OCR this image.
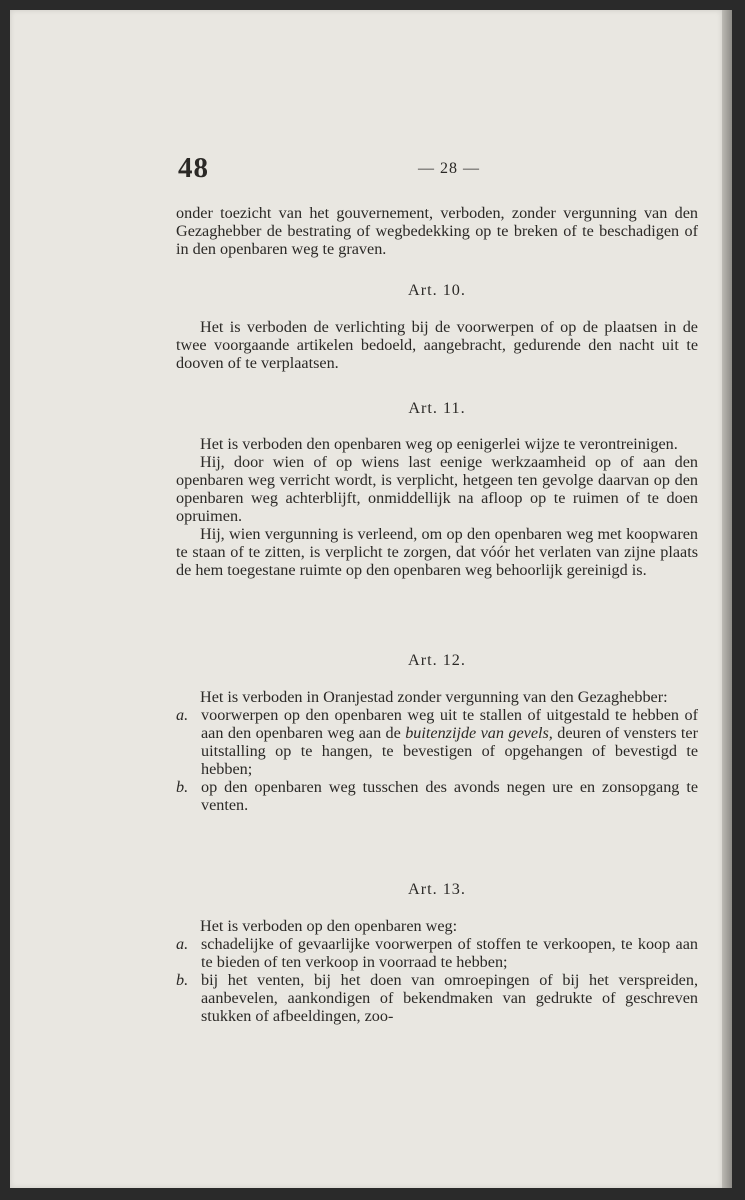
48	— 28 —

onder toezicht van het gouvernement, verboden, zonder vergunning van den Gezaghebber de bestrating of wegbedekking op te breken of te beschadigen of in den openbaren weg te graven.

Art. 10.

Het is verboden de verlichting bij de voorwerpen of op de plaatsen in de twee voorgaande artikelen bedoeld, aangebracht, gedurende den nacht uit te dooven of te verplaatsen.

Art. 11.

Het is verboden den openbaren weg op eenigerlei wijze te verontreinigen.

Hij, door wien of op wiens last eenige werkzaamheid op of aan den openbaren weg verricht wordt, is verplicht, hetgeen ten gevolge daarvan op den openbaren weg achterblijft, onmiddellijk na afloop op te ruimen of te doen opruimen.

Hij, wien vergunning is verleend, om op den openbaren weg met koopwaren te staan of te zitten, is verplicht te zorgen, dat vóór het verlaten van zijne plaats de hem toegestane ruimte op den openbaren weg behoorlijk gereinigd is.

Art. 12.

Het is verboden in Oranjestad zonder vergunning van den Gezaghebber:

a. voorwerpen op den openbaren weg uit te stallen of uitgestald te hebben of aan den openbaren weg aan de buitenzijde van gevels, deuren of vensters ter uitstalling op te hangen, te bevestigen of opgehangen of bevestigd te hebben;
b. op den openbaren weg tusschen des avonds negen ure en zonsopgang te venten.
Art. 13.

Het is verboden op den openbaren weg:

a. schadelijke of gevaarlijke voorwerpen of stoffen te verkoopen, te koop aan te bieden of ten verkoop in voorraad te hebben;
b. bij het venten, bij het doen van omroepingen of bij het verspreiden, aanbevelen, aankondigen of bekendmaken van gedrukte of geschreven stukken of afbeeldingen, zoo-
